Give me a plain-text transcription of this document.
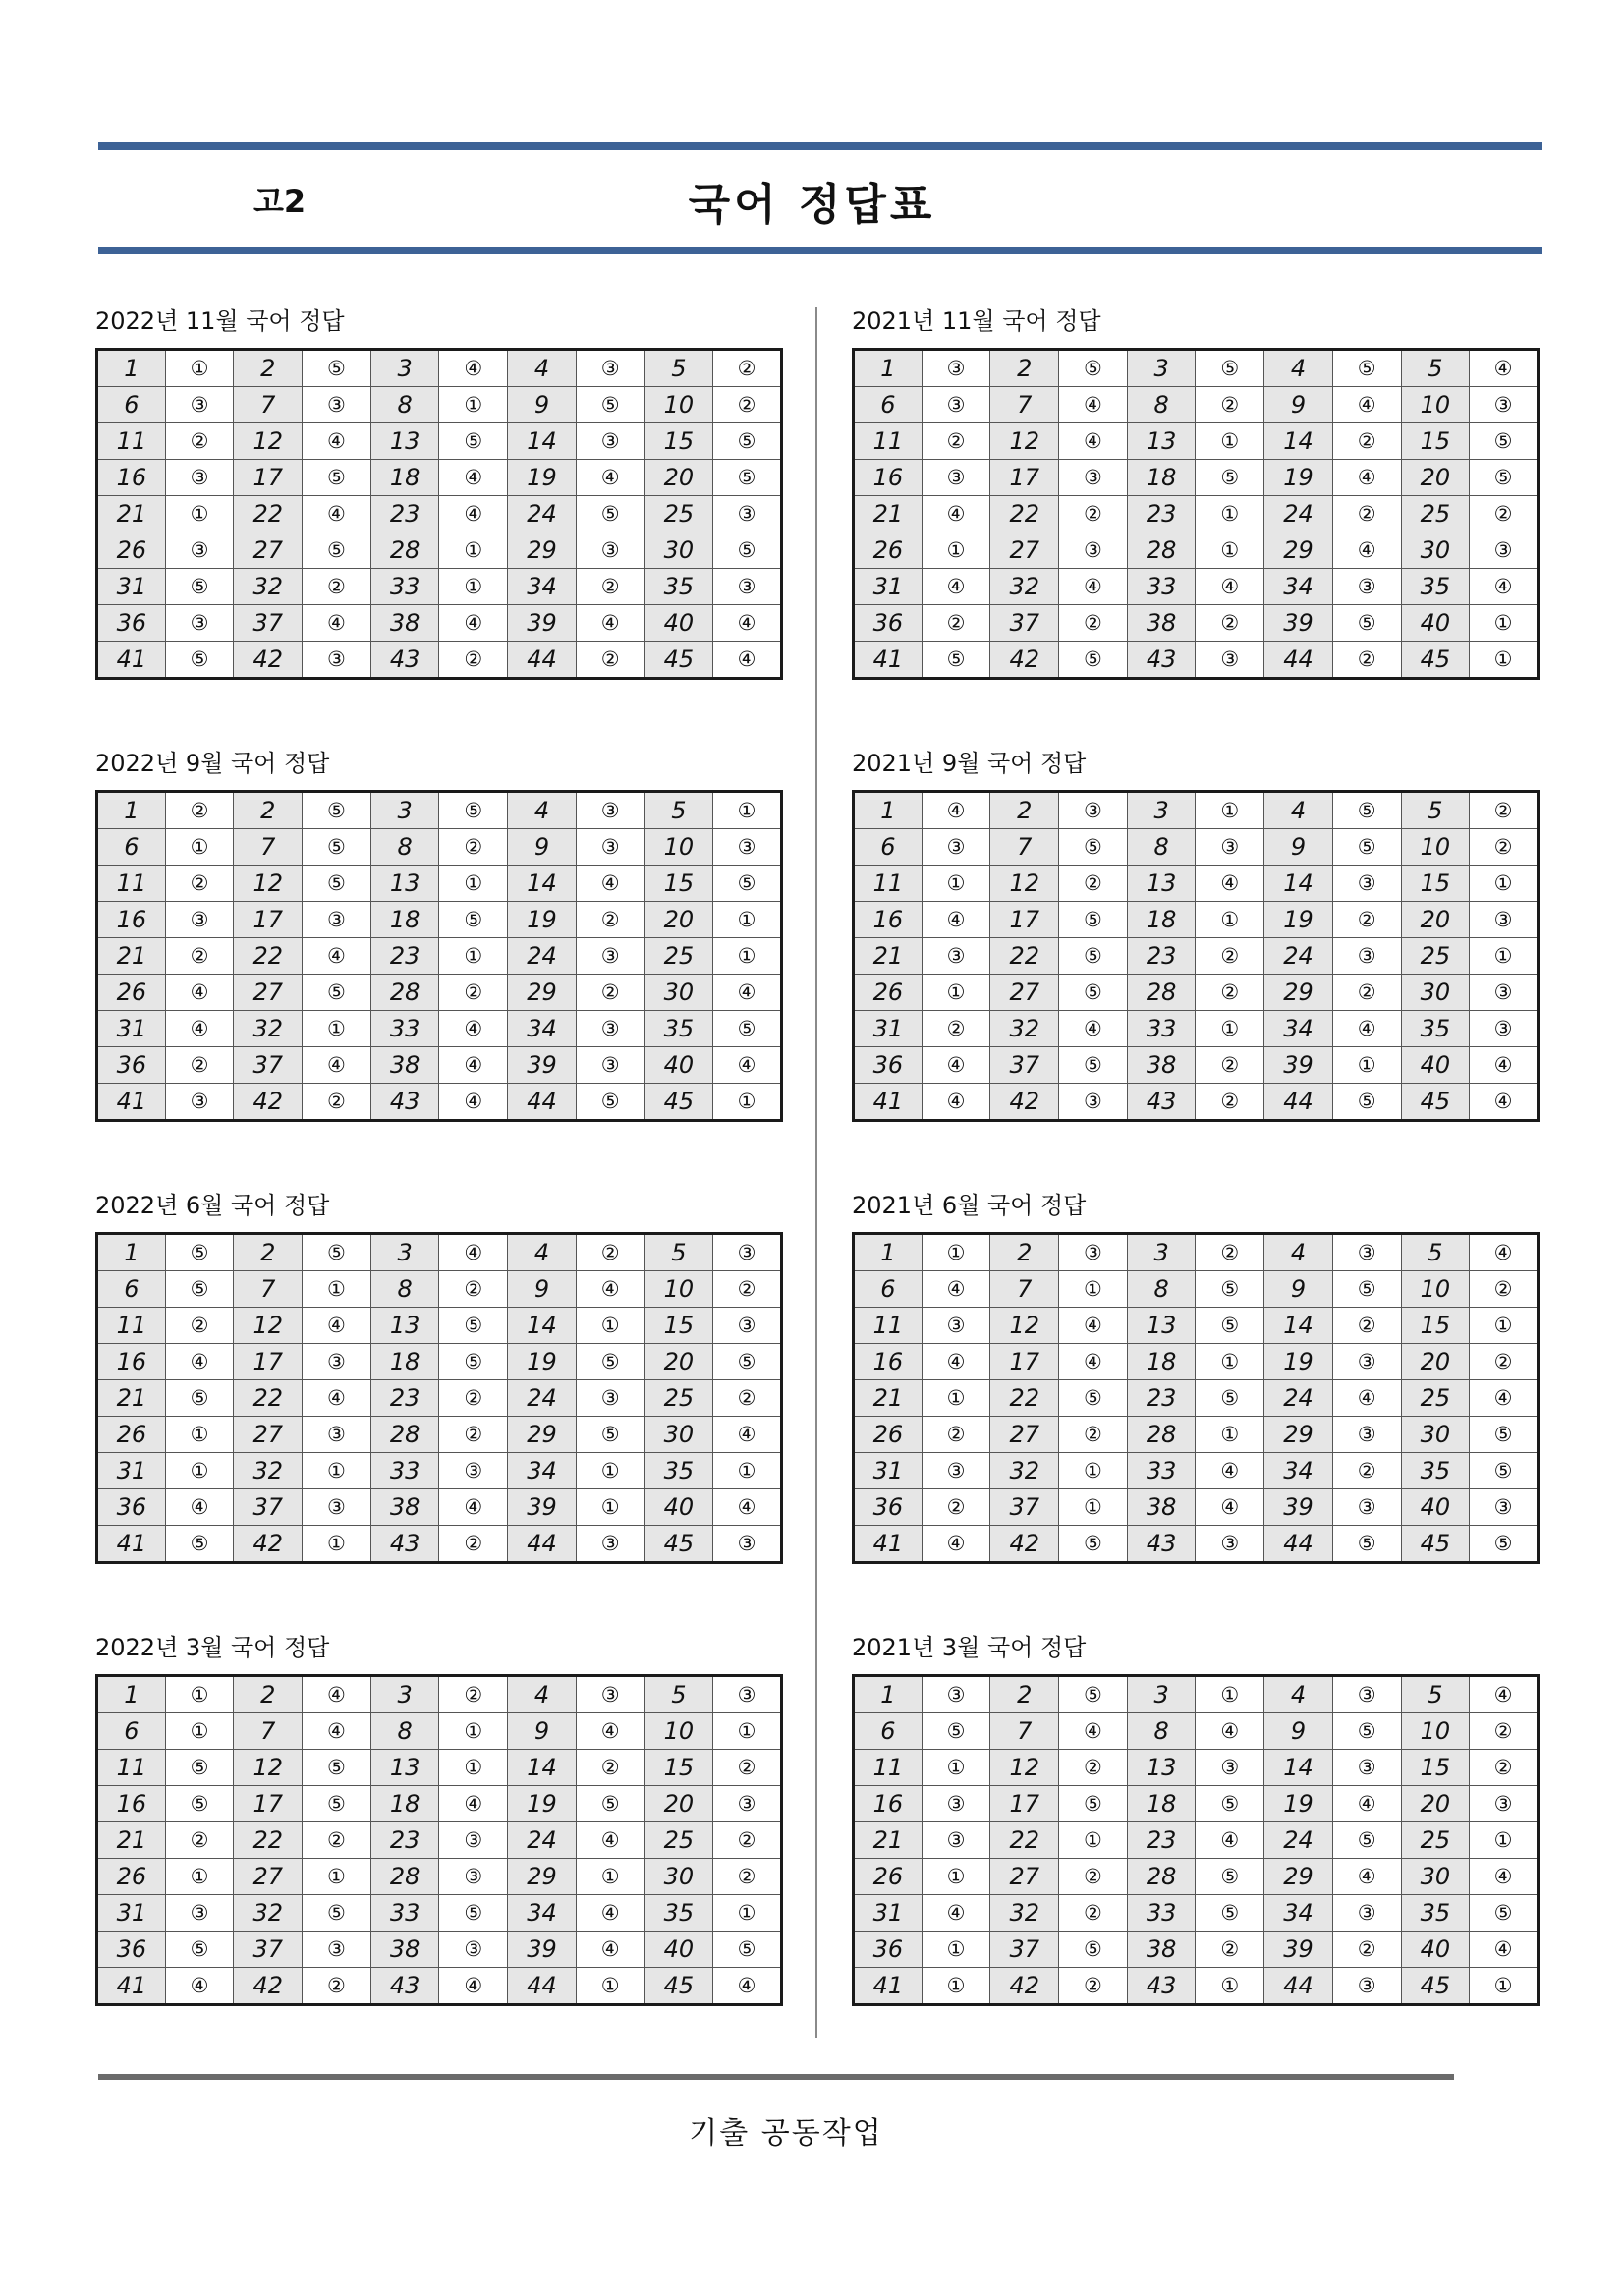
고2	국어 정답표
2022년 11월 국어 정답
1	①	2	⑤	3	④	4	③	5	②
6	③	7	③	8	①	9	⑤	10	②
11	②	12	④	13	⑤	14	③	15	⑤
16	③	17	⑤	18	④	19	④	20	⑤
21	①	22	④	23	④	24	⑤	25	③
26	③	27	⑤	28	①	29	③	30	⑤
31	⑤	32	②	33	①	34	②	35	③
36	③	37	④	38	④	39	④	40	④
41	⑤	42	③	43	②	44	②	45	④
2021년 11월 국어 정답
1	③	2	⑤	3	⑤	4	⑤	5	④
6	③	7	④	8	②	9	④	10	③
11	②	12	④	13	①	14	②	15	⑤
16	③	17	③	18	⑤	19	④	20	⑤
21	④	22	②	23	①	24	②	25	②
26	①	27	③	28	①	29	④	30	③
31	④	32	④	33	④	34	③	35	④
36	②	37	②	38	②	39	⑤	40	①
41	⑤	42	⑤	43	③	44	②	45	①
2022년 9월 국어 정답
1	②	2	⑤	3	⑤	4	③	5	①
6	①	7	⑤	8	②	9	③	10	③
11	②	12	⑤	13	①	14	④	15	⑤
16	③	17	③	18	⑤	19	②	20	①
21	②	22	④	23	①	24	③	25	①
26	④	27	⑤	28	②	29	②	30	④
31	④	32	①	33	④	34	③	35	⑤
36	②	37	④	38	④	39	③	40	④
41	③	42	②	43	④	44	⑤	45	①
2021년 9월 국어 정답
1	④	2	③	3	①	4	⑤	5	②
6	③	7	⑤	8	③	9	⑤	10	②
11	①	12	②	13	④	14	③	15	①
16	④	17	⑤	18	①	19	②	20	③
21	③	22	⑤	23	②	24	③	25	①
26	①	27	⑤	28	②	29	②	30	③
31	②	32	④	33	①	34	④	35	③
36	④	37	⑤	38	②	39	①	40	④
41	④	42	③	43	②	44	⑤	45	④
2022년 6월 국어 정답
1	⑤	2	⑤	3	④	4	②	5	③
6	⑤	7	①	8	②	9	④	10	②
11	②	12	④	13	⑤	14	①	15	③
16	④	17	③	18	⑤	19	⑤	20	⑤
21	⑤	22	④	23	②	24	③	25	②
26	①	27	③	28	②	29	⑤	30	④
31	①	32	①	33	③	34	①	35	①
36	④	37	③	38	④	39	①	40	④
41	⑤	42	①	43	②	44	③	45	③
2021년 6월 국어 정답
1	①	2	③	3	②	4	③	5	④
6	④	7	①	8	⑤	9	⑤	10	②
11	③	12	④	13	⑤	14	②	15	①
16	④	17	④	18	①	19	③	20	②
21	①	22	⑤	23	⑤	24	④	25	④
26	②	27	②	28	①	29	③	30	⑤
31	③	32	①	33	④	34	②	35	⑤
36	②	37	①	38	④	39	③	40	③
41	④	42	⑤	43	③	44	⑤	45	⑤
2022년 3월 국어 정답
1	①	2	④	3	②	4	③	5	③
6	①	7	④	8	①	9	④	10	①
11	⑤	12	⑤	13	①	14	②	15	②
16	⑤	17	⑤	18	④	19	⑤	20	③
21	②	22	②	23	③	24	④	25	②
26	①	27	①	28	③	29	①	30	②
31	③	32	⑤	33	⑤	34	④	35	①
36	⑤	37	③	38	③	39	④	40	⑤
41	④	42	②	43	④	44	①	45	④
2021년 3월 국어 정답
1	③	2	⑤	3	①	4	③	5	④
6	⑤	7	④	8	④	9	⑤	10	②
11	①	12	②	13	③	14	③	15	②
16	③	17	⑤	18	⑤	19	④	20	③
21	③	22	①	23	④	24	⑤	25	①
26	①	27	②	28	⑤	29	④	30	④
31	④	32	②	33	⑤	34	③	35	⑤
36	①	37	⑤	38	②	39	②	40	④
41	①	42	②	43	①	44	③	45	①
기출 공동작업
